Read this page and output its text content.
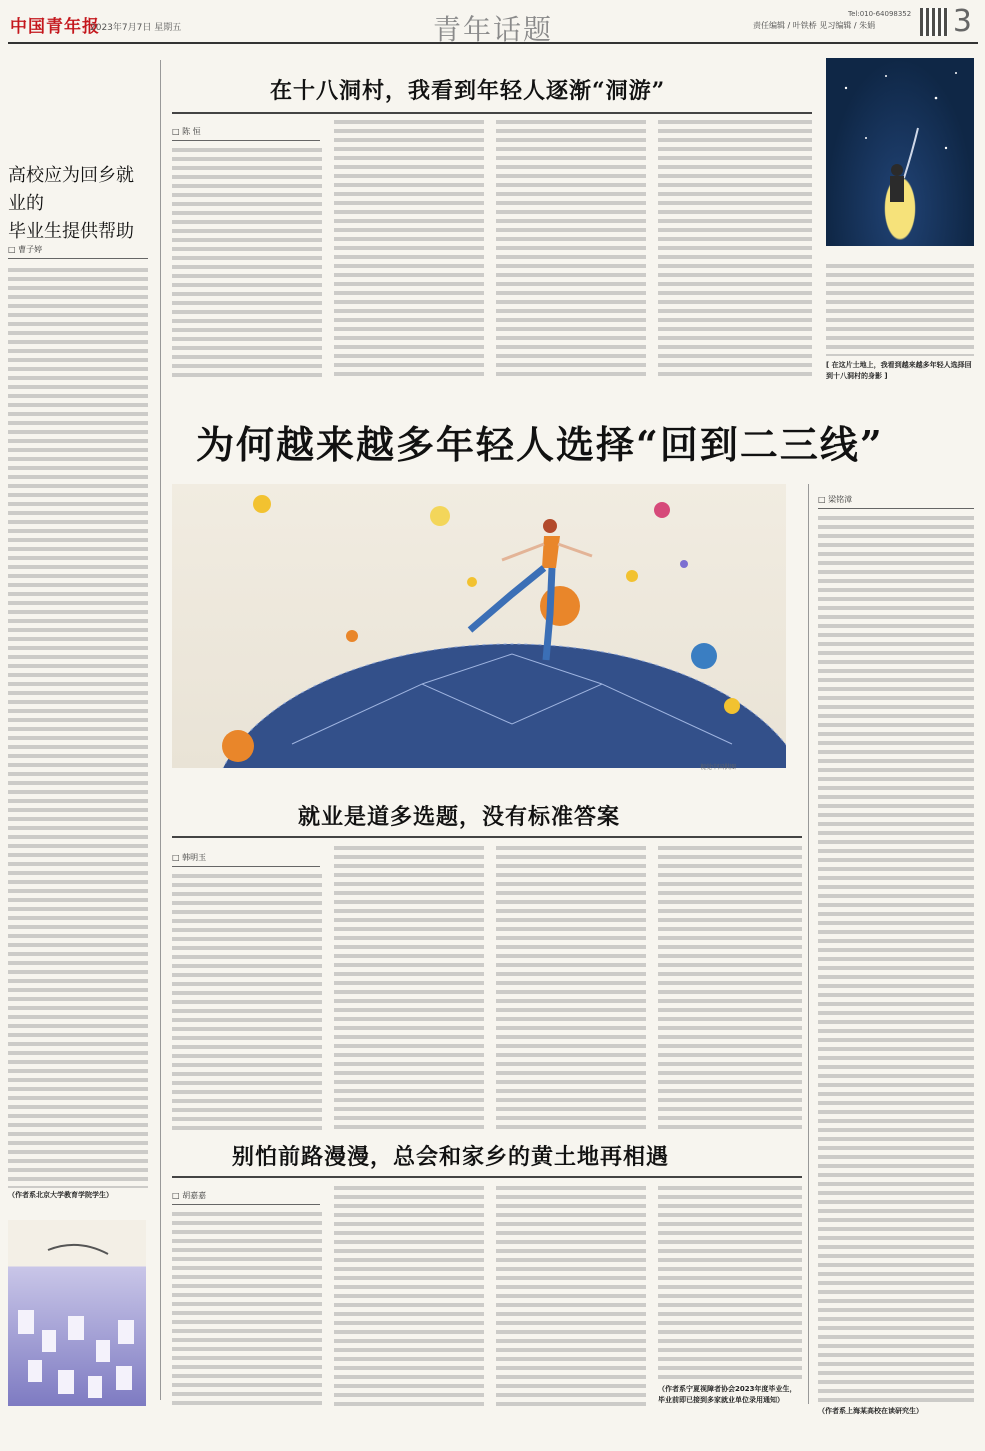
中国青年报
2023年7月7日 星期五	青年话题	责任编辑 / 叶铁桥 见习编辑 / 朱娟
Tel:010-64098352 3
在十八洞村，我看到年轻人逐渐“洞游”
□ 陈 恒
[ 在这片土地上，我看到越来越多年轻人选择回到十八洞村的身影 ]
高校应为回乡就业的
毕业生提供帮助
□ 曹子婷
（作者系北京大学教育学院学生）
为何越来越多年轻人选择“回到二三线”
视觉中国供图
□ 梁铭漳
（作者系上海某高校在读研究生）
就业是道多选题，没有标准答案
□ 韩明玉
别怕前路漫漫，总会和家乡的黄土地再相遇
□ 胡嘉嘉
（作者系宁夏视障者协会2023年度毕业生，毕业前即已接到多家就业单位录用通知）
